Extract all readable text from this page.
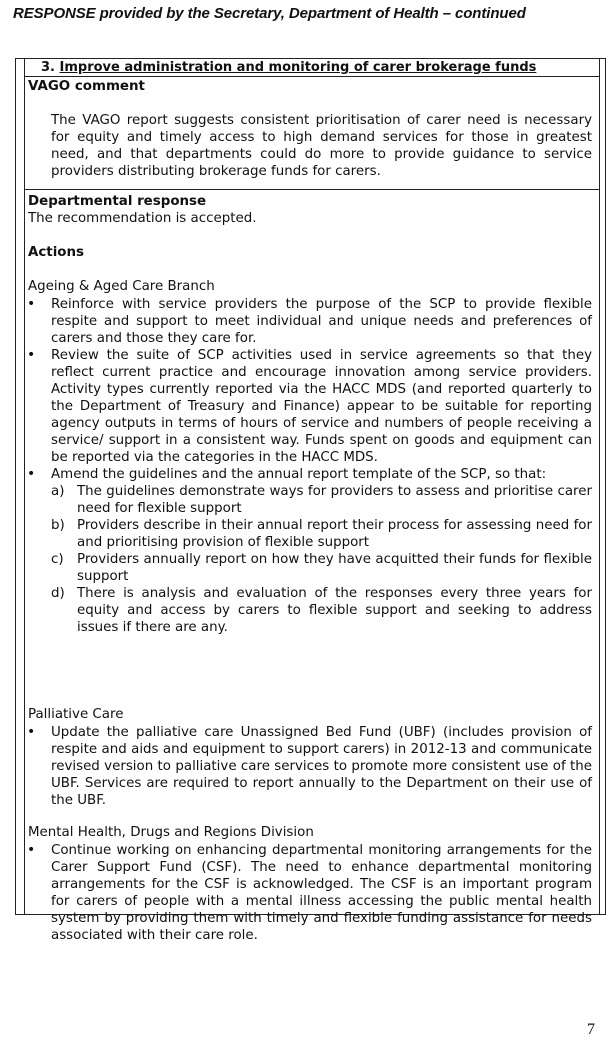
RESPONSE provided by the Secretary, Department of Health – continued
3. Improve administration and monitoring of carer brokerage funds
VAGO comment

The VAGO report suggests consistent prioritisation of carer need is necessary for equity and timely access to high demand services for those in greatest need, and that departments could do more to provide guidance to service providers distributing brokerage funds for carers.

Departmental response
The recommendation is accepted.
Actions
Ageing & Aged Care Branch
• Reinforce with service providers the purpose of the SCP to provide flexible respite and support to meet individual and unique needs and preferences of carers and those they care for.
• Review the suite of SCP activities used in service agreements so that they reflect current practice and encourage innovation among service providers. Activity types currently reported via the HACC MDS (and reported quarterly to the Department of Treasury and Finance) appear to be suitable for reporting agency outputs in terms of hours of service and numbers of people receiving a service/ support in a consistent way. Funds spent on goods and equipment can be reported via the categories in the HACC MDS.
• Amend the guidelines and the annual report template of the SCP, so that:
a) The guidelines demonstrate ways for providers to assess and prioritise carer need for flexible support
b) Providers describe in their annual report their process for assessing need for and prioritising provision of flexible support
c) Providers annually report on how they have acquitted their funds for flexible support
d) There is analysis and evaluation of the responses every three years for equity and access by carers to flexible support and seeking to address issues if there are any.
Palliative Care
• Update the palliative care Unassigned Bed Fund (UBF) (includes provision of respite and aids and equipment to support carers) in 2012-13 and communicate revised version to palliative care services to promote more consistent use of the UBF. Services are required to report annually to the Department on their use of the UBF.
Mental Health, Drugs and Regions Division
• Continue working on enhancing departmental monitoring arrangements for the Carer Support Fund (CSF). The need to enhance departmental monitoring arrangements for the CSF is acknowledged. The CSF is an important program for carers of people with a mental illness accessing the public mental health system by providing them with timely and flexible funding assistance for needs associated with their care role.
7
